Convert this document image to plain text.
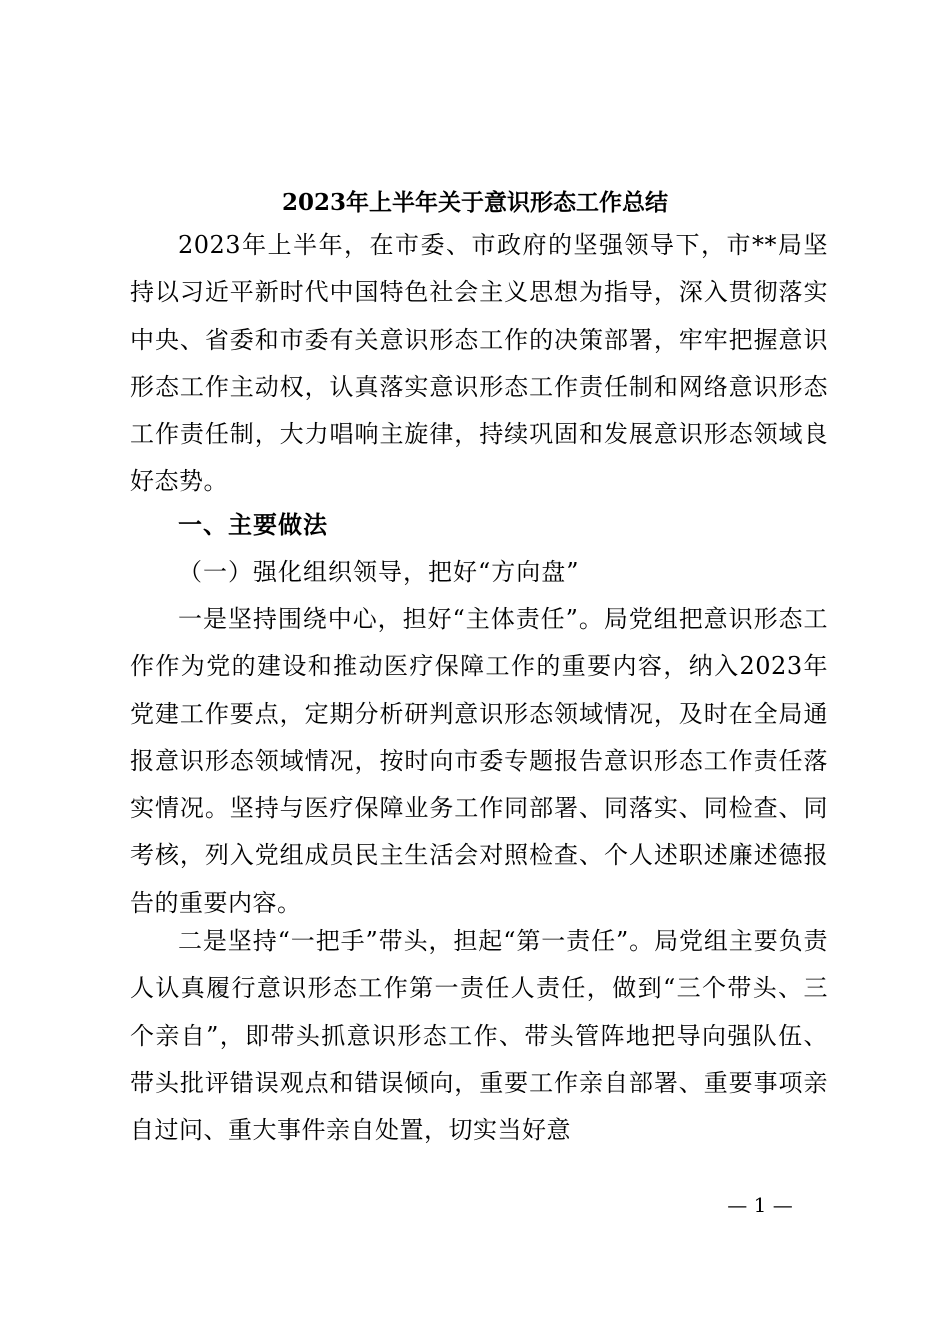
2023年上半年关于意识形态工作总结

2023年上半年，在市委、市政府的坚强领导下，市**局坚持以习近平新时代中国特色社会主义思想为指导，深入贯彻落实中央、省委和市委有关意识形态工作的决策部署，牢牢把握意识形态工作主动权，认真落实意识形态工作责任制和网络意识形态工作责任制，大力唱响主旋律，持续巩固和发展意识形态领域良好态势。

一、主要做法
（一）强化组织领导，把好“方向盘”

一是坚持围绕中心，担好“主体责任”。局党组把意识形态工作作为党的建设和推动医疗保障工作的重要内容，纳入2023年党建工作要点，定期分析研判意识形态领域情况，及时在全局通报意识形态领域情况，按时向市委专题报告意识形态工作责任落实情况。坚持与医疗保障业务工作同部署、同落实、同检查、同考核，列入党组成员民主生活会对照检查、个人述职述廉述德报告的重要内容。

二是坚持“一把手”带头，担起“第一责任”。局党组主要负责人认真履行意识形态工作第一责任人责任，做到“三个带头、三个亲自”，即带头抓意识形态工作、带头管阵地把导向强队伍、带头批评错误观点和错误倾向，重要工作亲自部署、重要事项亲自过问、重大事件亲自处置，切实当好意

— 1 —
